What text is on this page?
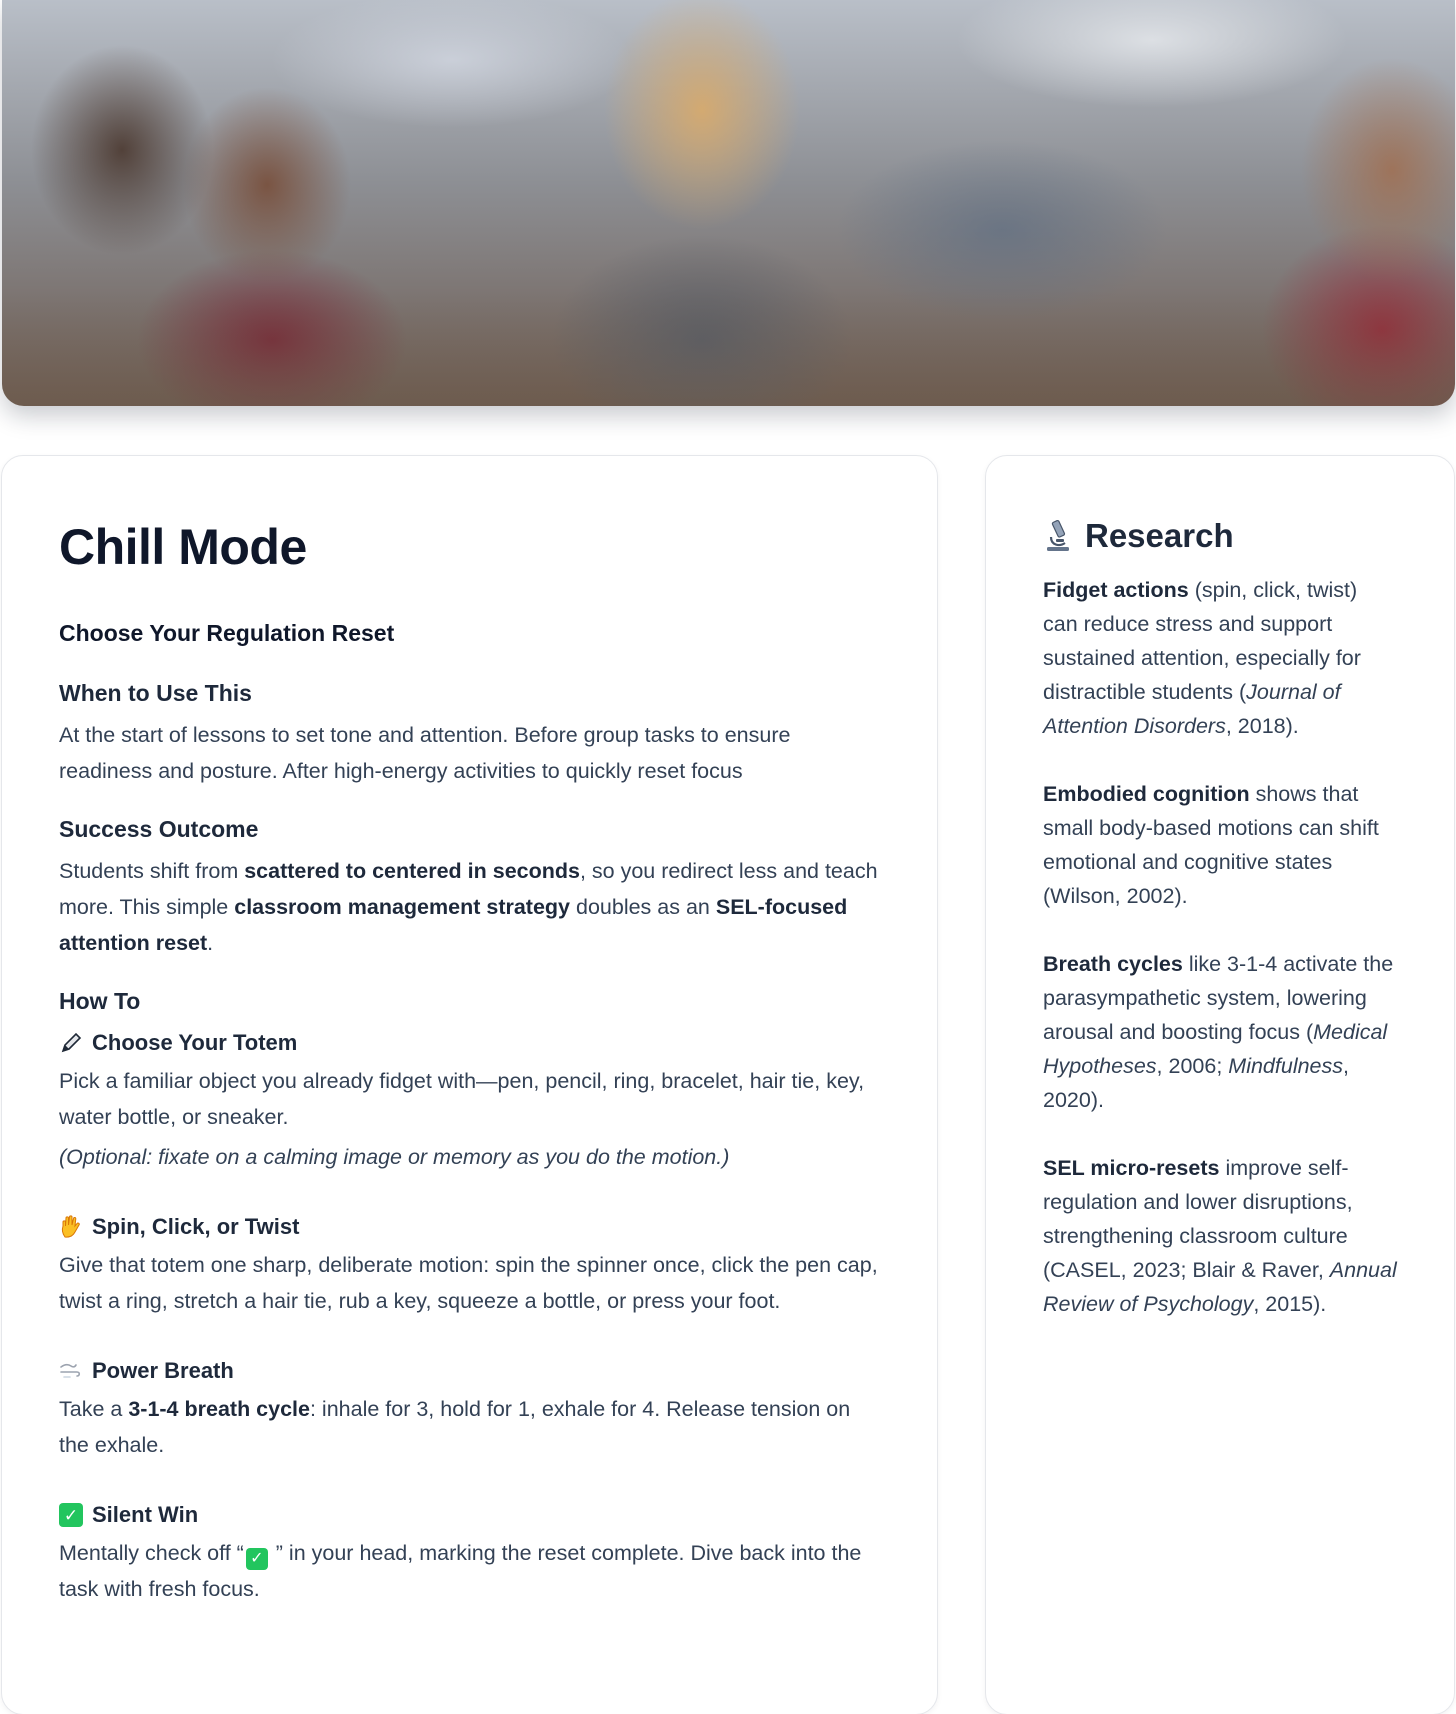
Chill Mode
Choose Your Regulation Reset
When to Use This

At the start of lessons to set tone and attention. Before group tasks to ensure readiness and posture. After high-energy activities to quickly reset focus

Success Outcome

Students shift from scattered to centered in seconds, so you redirect less and teach more. This simple classroom management strategy doubles as an SEL-focused attention reset.

How To
Choose Your Totem

Pick a familiar object you already fidget with—pen, pencil, ring, bracelet, hair tie, key, water bottle, or sneaker.

(Optional: fixate on a calming image or memory as you do the motion.)

Spin, Click, or Twist

Give that totem one sharp, deliberate motion: spin the spinner once, click the pen cap, twist a ring, stretch a hair tie, rub a key, squeeze a bottle, or press your foot.

Power Breath

Take a 3-1-4 breath cycle: inhale for 3, hold for 1, exhale for 4. Release tension on the exhale.

✓ Silent Win

Mentally check off “ ✓ ” in your head, marking the reset complete. Dive back into the task with fresh focus.

Research

Fidget actions (spin, click, twist) can reduce stress and support sustained attention, especially for distractible students (Journal of Attention Disorders, 2018).

Embodied cognition shows that small body-based motions can shift emotional and cognitive states (Wilson, 2002).

Breath cycles like 3-1-4 activate the parasympathetic system, lowering arousal and boosting focus (Medical Hypotheses, 2006; Mindfulness, 2020).

SEL micro-resets improve self-regulation and lower disruptions, strengthening classroom culture (CASEL, 2023; Blair & Raver, Annual Review of Psychology, 2015).
